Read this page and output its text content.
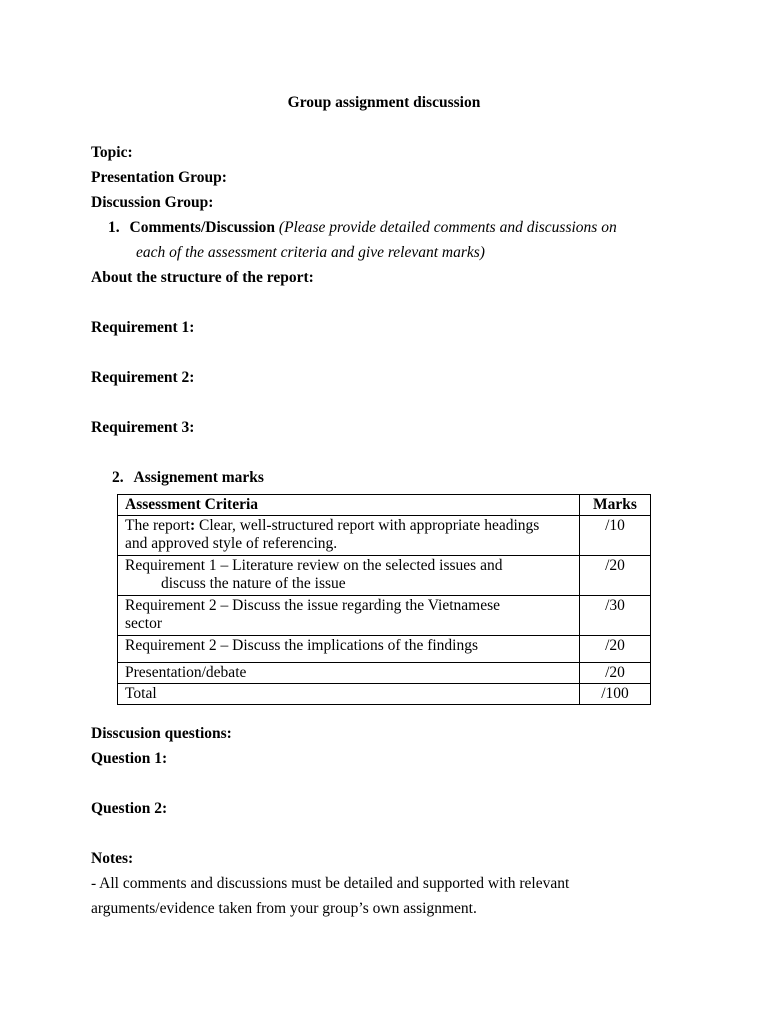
Group assignment discussion
Topic:
Presentation Group:
Discussion Group:
1. Comments/Discussion (Please provide detailed comments and discussions on
each of the assessment criteria and give relevant marks)
About the structure of the report:
Requirement 1:
Requirement 2:
Requirement 3:
2. Assignement marks
Assessment Criteria	Marks
The report: Clear, well-structured report with appropriate headings
and approved style of referencing.	/10

Requirement 1 – Literature review on the selected issues and
discuss the nature of the issue	/20

Requirement 2 – Discuss the issue regarding the Vietnamese
sector	/30
Requirement 2 – Discuss the implications of the findings	/20
Presentation/debate	/20
Total	/100
Disscusion questions:
Question 1:
Question 2:
Notes:
- All comments and discussions must be detailed and supported with relevant
arguments/evidence taken from your group’s own assignment.
